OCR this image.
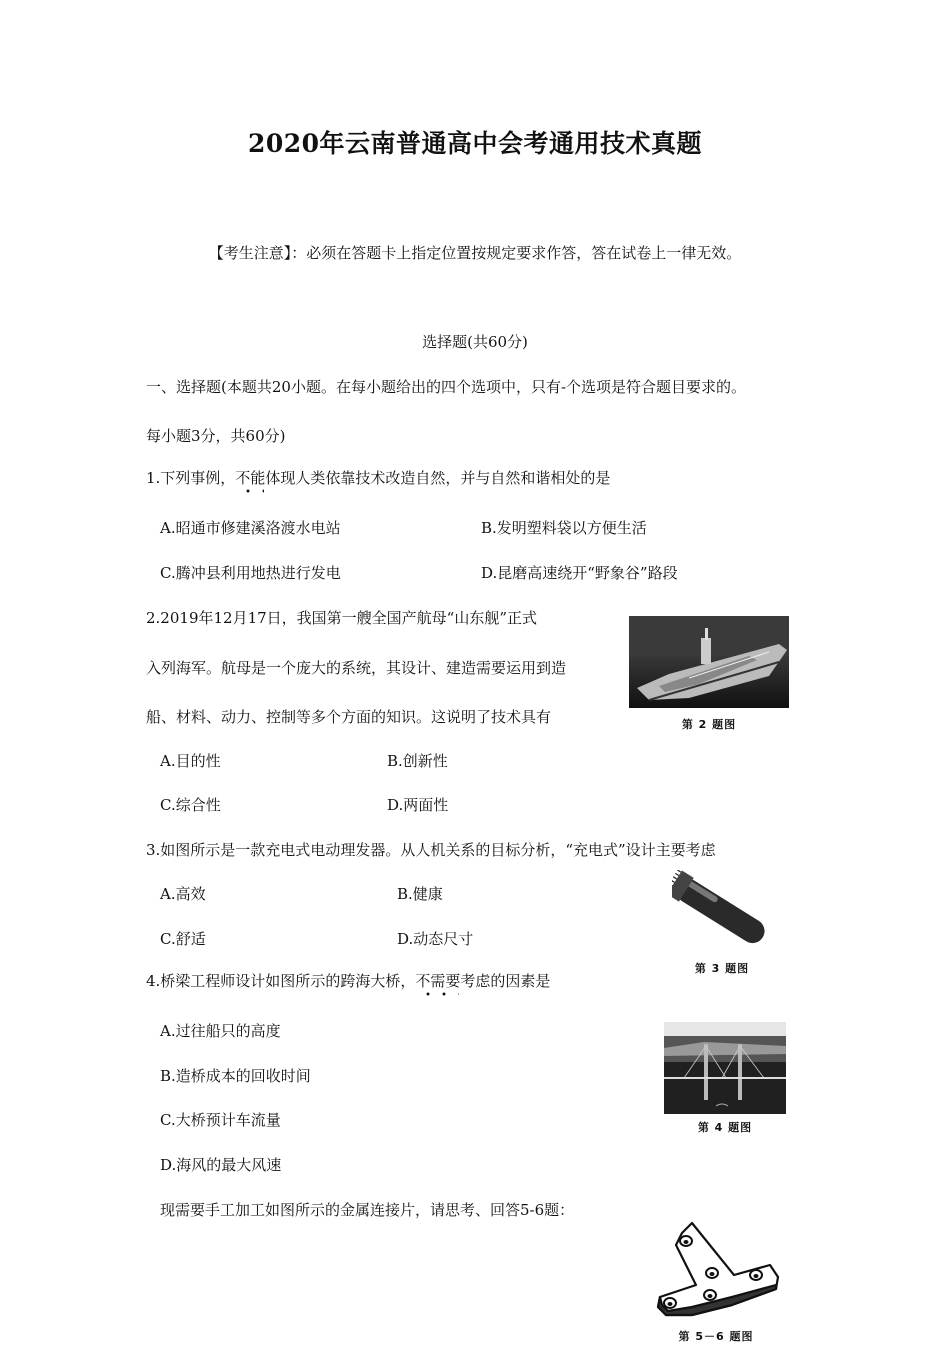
2020年云南普通高中会考通用技术真题
【考生注意】：必须在答题卡上指定位置按规定要求作答，答在试卷上一律无效。
选择题(共60分)
一、选择题(本题共20小题。在每小题给出的四个选项中，只有-个选项是符合题目要求的。
每小题3分，共60分)
1.下列事例，不能体现人类依靠技术改造自然，并与自然和谐相处的是
A.昭通市修建溪洛渡水电站	B.发明塑料袋以方便生活
C.腾冲县利用地热进行发电	D.昆磨高速绕开“野象谷”路段
2.2019年12月17日，我国第一艘全国产航母“山东舰”正式
入列海军。航母是一个庞大的系统，其设计、建造需要运用到造
船、材料、动力、控制等多个方面的知识。这说明了技术具有
A.目的性	B.创新性
C.综合性	D.两面性
第 2 题图
3.如图所示是一款充电式电动理发器。从人机关系的目标分析，“充电式”设计主要考虑
A.高效	B.健康
C.舒适	D.动态尺寸
第 3 题图
4.桥梁工程师设计如图所示的跨海大桥，不需要考虑的因素是
A.过往船只的高度
B.造桥成本的回收时间
C.大桥预计车流量
D.海风的最大风速
第 4 题图
现需要手工加工如图所示的金属连接片，请思考、回答5-6题：
第 5－6 题图
